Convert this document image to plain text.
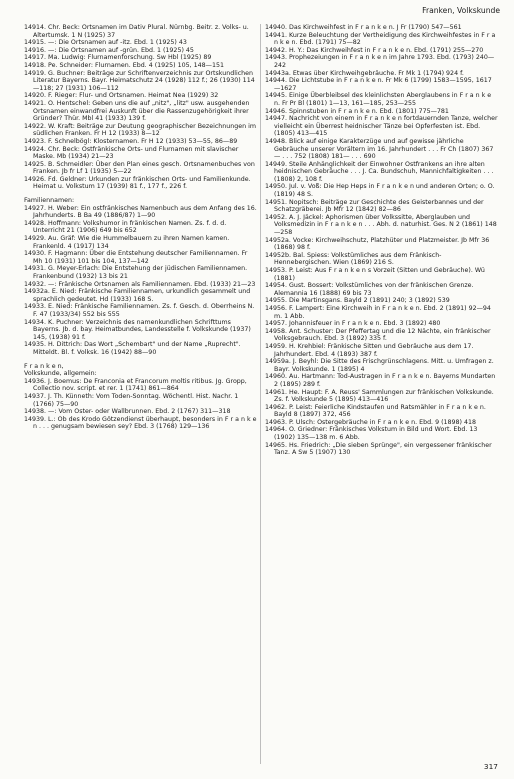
Franken, Volkskunde

14914. Chr. Beck: Ortsnamen im Dativ Plural. Nürnbg. Beitr. z. Volks- u. Altertumsk. 1 N (1925) 37

14915. —: Die Ortsnamen auf -itz. Ebd. 1 (1925) 43

14916. —: Die Ortsnamen auf -grün. Ebd. 1 (1925) 45

14917. Ma. Ludwig: Flurnamenforschung. Sw Hbl (1925) 89

14918. Pe. Schneider: Flurnamen. Ebd. 4 (1925) 105, 148—151

14919. G. Buchner: Beiträge zur Schriftenverzeichnis zur Ortskundlichen Literatur Bayerns. Bayr. Heimatschutz 24 (1928) 112 f.; 26 (1930) 114—118; 27 (1931) 106—112

14920. F. Rieger: Flur- und Ortsnamen. Heimat Nea (1929) 32

14921. O. Hentschel: Geben uns die auf „nitz", „litz" usw. ausgehenden Ortsnamen einwandfrei Auskunft über die Rassenzugehörigkeit ihrer Gründer? Thür. Mbl 41 (1933) 139 f.

14922. W. Kraft: Beiträge zur Deutung geographischer Bezeichnungen im südlichen Franken. Fr H 12 (1933) 8—12

14923. F. Schnelbögl: Klosternamen. Fr H 12 (1933) 53—55, 86—89

14924. Chr. Beck: Ostfränkische Orts- und Flurnamen mit slavischer Maske. Mb (1934) 21—23

14925. B. Schmeidler: Über den Plan eines gesch. Ortsnamenbuches von Franken. Jb fr Lf 1 (1935) 5—22

14926. Fd. Geldner: Urkunden zur fränkischen Orts- und Familienkunde. Heimat u. Volkstum 17 (1939) 81 f., 177 f., 226 f.

Familiennamen:

14927. H. Weber: Ein ostfränkisches Namenbuch aus dem Anfang des 16. Jahrhunderts. B Ba 49 (1886/87) 1—90

14928. Hoffmann: Volkshumor in fränkischen Namen. Zs. f. d. d. Unterricht 21 (1906) 649 bis 652

14929. Au. Gräf: Wie die Hummelbauern zu ihren Namen kamen. Frankenld. 4 (1917) 134

14930. F. Hagmann: Über die Entstehung deutscher Familiennamen. Fr Mh 10 (1931) 101 bis 104, 137—142

14931. G. Meyer-Erlach: Die Entstehung der jüdischen Familiennamen. Frankenbund (1932) 13 bis 21

14932. —: Fränkische Ortsnamen als Familiennamen. Ebd. (1933) 21—23

14932a. E. Nied: Fränkische Familiennamen, urkundlich gesammelt und sprachlich gedeutet. Hd (1933) 168 S.

14933. E. Nied: Fränkische Familiennamen. Zs. f. Gesch. d. Oberrheins N. F. 47 (1933/34) 552 bis 555

14934. K. Puchner: Verzeichnis des namenkundlichen Schrifttums Bayerns. Jb. d. bay. Heimatbundes, Landesstelle f. Volkskunde (1937) 145, (1938) 91 f.

14935. H. Dittrich: Das Wort „Schembart" und der Name „Ruprecht". Mitteldt. Bl. f. Volksk. 16 (1942) 88—90

F r a n k e n,
Volkskunde, allgemein:

14936. J. Boemus: De Franconia et Francorum moltis ritibus. Jg. Gropp, Collectio nov. script. et rer. 1 (1741) 861—864

14937. J. Th. Künneth: Vom Toden-Sonntag. Wöchentl. Hist. Nachr. 1 (1766) 75—90

14938. —: Vom Oster- oder Wallbrunnen. Ebd. 2 (1767) 311—318

14939. L.: Ob des Krodo Götzendienst überhaupt, besonders in F r a n k e n . . . genugsam bewiesen sey? Ebd. 3 (1768) 129—136

14940. Das Kirchweihfest in F r a n k e n. J Fr (1790) 547—561

14941. Kurze Beleuchtung der Vertheidigung des Kirchweihfestes in F r a n k e n. Ebd. (1791) 75—82

14942. H. Y.: Das Kirchweihfest in F r a n k e n. Ebd. (1791) 255—270

14943. Prophezeiungen in F r a n k e n im Jahre 1793. Ebd. (1793) 240—242

14943a. Etwas über Kirchweihgebräuche. Fr Mk 1 (1794) 924 f.

14944. Die Lichtstube in F r a n k e n. Fr Mk 6 (1799) 1583—1595, 1617—1627

14945. Einige Überbleibsel des kleinlichsten Aberglaubens in F r a n k e n. Fr Pr Bl (1801) 1—13, 161—185, 253—255

14946. Spinnstuben in F r a n k e n. Ebd. (1801) 775—781

14947. Nachricht von einem in F r a n k e n fortdauernden Tanze, welcher vielleicht ein Überrest heidnischer Tänze bei Opferfesten ist. Ebd. (1805) 413—415

14948. Blick auf einige Karakterzüge und auf gewisse jährliche Gebräuche unserer Vorältern im 16. Jahrhundert . . . Fr Ch (1807) 367— . . . 752 (1808) 181— . . . 690

14949. Steile Anhänglichkeit der Einwohner Ostfrankens an ihre alten heidnischen Gebräuche . . . J. Ca. Bundschuh, Mannichfaltigkeiten . . . (1808) 2, 108 f.

14950. Jul. v. Voß: Die Hep Heps in F r a n k e n und anderen Orten; o. O. (1819) 48 S.

14951. Nopitsch: Beiträge zur Geschichte des Geisterbannes und der Schatzgräberei. Jb Mfr 12 (1842) 82—86

14952. A. J. Jäckel: Aphorismen über Volkssitte, Aberglauben und Volksmedizin in F r a n k e n . . . Abh. d. naturhist. Ges. N 2 (1861) 148—258

14952a. Vocke: Kirchweihschutz, Platzhüter und Platzmeister. Jb Mfr 36 (1868) 98 f.

14952b. Bal. Spiess: Volkstümliches aus dem Fränkisch-Hennebergischen. Wien (1869) 216 S.

14953. P. Leist: Aus F r a n k e n s Vorzeit (Sitten und Gebräuche). Wü (1881)

14954. Gust. Bossert: Volkstümliches von der fränkischen Grenze. Alemannia 16 (1888) 69 bis 73

14955. Die Martinsgans. Bayld 2 (1891) 240; 3 (1892) 539

14956. F. Lampert: Eine Kirchweih in F r a n k e n. Ebd. 2 (1891) 92—94 m. 1 Abb.

14957. Johannisfeuer in F r a n k e n. Ebd. 3 (1892) 480

14958. Ant. Schuster: Der Pfeffertag und die 12 Nächte, ein fränkischer Volksgebrauch. Ebd. 3 (1892) 335 f.

14959. H. Krehbiel: Fränkische Sitten und Gebräuche aus dem 17. Jahrhundert. Ebd. 4 (1893) 387 f.

14959a. J. Beyhl: Die Sitte des Frischgrünschlagens. Mitt. u. Umfragen z. Bayr. Volkskunde. 1 (1895) 4

14960. Au. Hartmann: Tod-Austragen in F r a n k e n. Bayerns Mundarten 2 (1895) 289 f.

14961. He. Haupt: F. A. Reuss' Sammlungen zur fränkischen Volkskunde. Zs. f. Volkskunde 5 (1895) 413—416

14962. P. Leist: Feierliche Kindstaufen und Ratsmähler in F r a n k e n. Bayld 8 (1897) 372, 456

14963. P. Ulsch: Ostergebräuche in F r a n k e n. Ebd. 9 (1898) 418

14964. O. Griedner: Fränkisches Volkstum in Bild und Wort. Ebd. 13 (1902) 135—138 m. 6 Abb.

14965. Hs. Friedrich: „Die sieben Sprünge", ein vergessener fränkischer Tanz. A Sw 5 (1907) 130

317
